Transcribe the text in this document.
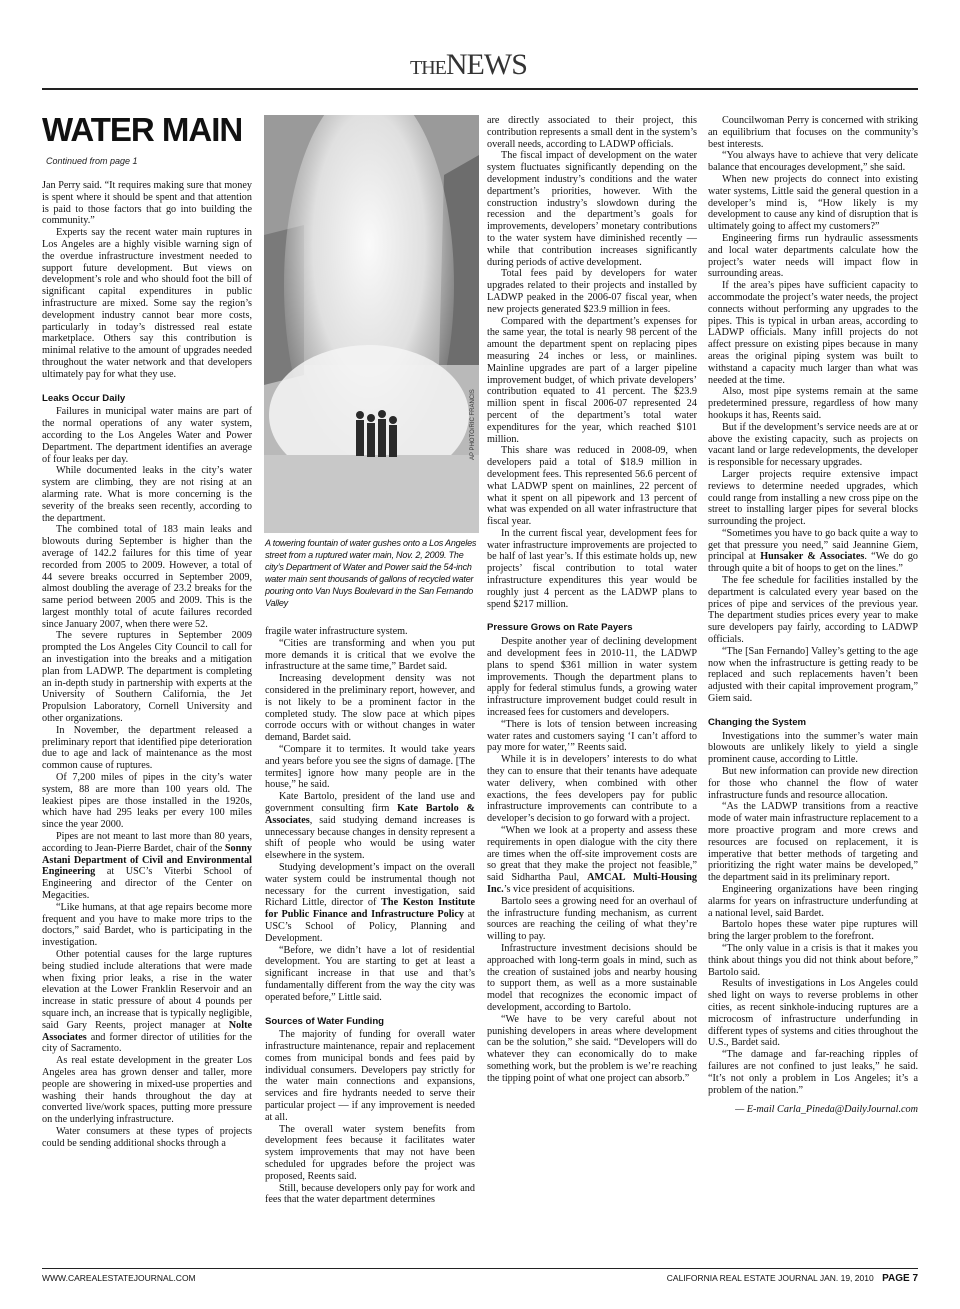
THENEWS
WATER MAIN
Continued from page 1

Jan Perry said. “It requires making sure that money is spent where it should be spent and that attention is paid to those factors that go into building the community.”

Experts say the recent water main ruptures in Los Angeles are a highly visible warning sign of the overdue infrastructure investment needed to support future development. But views on development’s role and who should foot the bill of significant capital expenditures in public infrastructure are mixed. Some say the region’s development industry cannot bear more costs, particularly in today’s distressed real estate marketplace. Others say this contribution is minimal relative to the amount of upgrades needed throughout the water network and that developers ultimately pay for what they use.

Leaks Occur Daily

Failures in municipal water mains are part of the normal operations of any water system, according to the Los Angeles Water and Power Department. The department identifies an average of four leaks per day.

While documented leaks in the city’s water system are climbing, they are not rising at an alarming rate. What is more concerning is the severity of the breaks seen recently, according to the department.

The combined total of 183 main leaks and blowouts during September is higher than the average of 142.2 failures for this time of year recorded from 2005 to 2009. However, a total of 44 severe breaks occurred in September 2009, almost doubling the average of 23.2 breaks for the same period between 2005 and 2009. This is the largest monthly total of acute failures recorded since January 2007, when there were 52.

The severe ruptures in September 2009 prompted the Los Angeles City Council to call for an investigation into the breaks and a mitigation plan from LADWP. The department is completing an in-depth study in partnership with experts at the University of Southern California, the Jet Propulsion Laboratory, Cornell University and other organizations.

In November, the department released a preliminary report that identified pipe deterioration due to age and lack of maintenance as the most common cause of ruptures.

Of 7,200 miles of pipes in the city’s water system, 88 are more than 100 years old. The leakiest pipes are those installed in the 1920s, which have had 295 leaks per every 100 miles since the year 2000.

Pipes are not meant to last more than 80 years, according to Jean-Pierre Bardet, chair of the Sonny Astani Department of Civil and Environmental Engineering at USC’s Viterbi School of Engineering and director of the Center on Megacities.

“Like humans, at that age repairs become more frequent and you have to make more trips to the doctors,” said Bardet, who is participating in the investigation.

Other potential causes for the large ruptures being studied include alterations that were made when fixing prior leaks, a rise in the water elevation at the Lower Franklin Reservoir and an increase in static pressure of about 4 pounds per square inch, an increase that is typically negligible, said Gary Reents, project manager at Nolte Associates and former director of utilities for the city of Sacramento.

As real estate development in the greater Los Angeles area has grown denser and taller, more people are showering in mixed-use properties and washing their hands throughout the day at converted live/work spaces, putting more pressure on the underlying infrastructure.

Water consumers at these types of projects could be sending additional shocks through a

AP PHOTO/RIC FRANCIS
A towering fountain of water gushes onto a Los Angeles street from a ruptured water main, Nov. 2, 2009. The city’s Department of Water and Power said the 54-inch water main sent thousands of gallons of recycled water pouring onto Van Nuys Boulevard in the San Fernando Valley

fragile water infrastructure system.

“Cities are transforming and when you put more demands it is critical that we evolve the infrastructure at the same time,” Bardet said.

Increasing development density was not considered in the preliminary report, however, and is not likely to be a prominent factor in the completed study. The slow pace at which pipes corrode occurs with or without changes in water demand, Bardet said.

“Compare it to termites. It would take years and years before you see the signs of damage. [The termites] ignore how many people are in the house,” he said.

Kate Bartolo, president of the land use and government consulting firm Kate Bartolo & Associates, said studying demand increases is unnecessary because changes in density represent a shift of people who would be using water elsewhere in the system.

Studying development’s impact on the overall water system could be instrumental though not necessary for the current investigation, said Richard Little, director of The Keston Institute for Public Finance and Infrastructure Policy at USC’s School of Policy, Planning and Development.

“Before, we didn’t have a lot of residential development. You are starting to get at least a significant increase in that use and that’s fundamentally different from the way the city was operated before,” Little said.

Sources of Water Funding

The majority of funding for overall water infrastructure maintenance, repair and replacement comes from municipal bonds and fees paid by individual consumers. Developers pay strictly for the water main connections and expansions, services and fire hydrants needed to serve their particular project — if any improvement is needed at all.

The overall water system benefits from development fees because it facilitates water system improvements that may not have been scheduled for upgrades before the project was proposed, Reents said.

Still, because developers only pay for work and fees that the water department determines

are directly associated to their project, this contribution represents a small dent in the system’s overall needs, according to LADWP officials.

The fiscal impact of development on the water system fluctuates significantly depending on the development industry’s conditions and the water department’s priorities, however. With the construction industry’s slowdown during the recession and the department’s goals for improvements, developers’ monetary contributions to the water system have diminished recently — while that contribution increases significantly during periods of active development.

Total fees paid by developers for water upgrades related to their projects and installed by LADWP peaked in the 2006-07 fiscal year, when new projects generated $23.9 million in fees.

Compared with the department’s expenses for the same year, the total is nearly 98 percent of the amount the department spent on replacing pipes measuring 24 inches or less, or mainlines. Mainline upgrades are part of a larger pipeline improvement budget, of which private developers’ contribution equated to 41 percent. The $23.9 million spent in fiscal 2006-07 represented 24 percent of the department’s total water expenditures for the year, which reached $101 million.

This share was reduced in 2008-09, when developers paid a total of $18.9 million in development fees. This represented 56.6 percent of what LADWP spent on mainlines, 22 percent of what it spent on all pipework and 13 percent of what was expended on all water infrastructure that fiscal year.

In the current fiscal year, development fees for water infrastructure improvements are projected to be half of last year’s. If this estimate holds up, new projects’ fiscal contribution to total water infrastructure expenditures this year would be roughly just 4 percent as the LADWP plans to spend $217 million.

Pressure Grows on Rate Payers

Despite another year of declining development and development fees in 2010-11, the LADWP plans to spend $361 million in water system improvements. Though the department plans to apply for federal stimulus funds, a growing water infrastructure improvement budget could result in increased fees for customers and developers.

“There is lots of tension between increasing water rates and customers saying ‘I can’t afford to pay more for water,’” Reents said.

While it is in developers’ interests to do what they can to ensure that their tenants have adequate water delivery, when combined with other exactions, the fees developers pay for public infrastructure improvements can contribute to a developer’s decision to go forward with a project.

“When we look at a property and assess these requirements in open dialogue with the city there are times when the off-site improvement costs are so great that they make the project not feasible,” said Sidhartha Paul, AMCAL Multi-Housing Inc.’s vice president of acquisitions.

Bartolo sees a growing need for an overhaul of the infrastructure funding mechanism, as current sources are reaching the ceiling of what they’re willing to pay.

Infrastructure investment decisions should be approached with long-term goals in mind, such as the creation of sustained jobs and nearby housing to support them, as well as a more sustainable model that recognizes the economic impact of development, according to Bartolo.

“We have to be very careful about not punishing developers in areas where development can be the solution,” she said. “Developers will do whatever they can economically do to make something work, but the problem is we’re reaching the tipping point of what one project can absorb.”

Councilwoman Perry is concerned with striking an equilibrium that focuses on the community’s best interests.

“You always have to achieve that very delicate balance that encourages development,” she said.

When new projects do connect into existing water systems, Little said the general question in a developer’s mind is, “How likely is my development to cause any kind of disruption that is ultimately going to affect my customers?”

Engineering firms run hydraulic assessments and local water departments calculate how the project’s water needs will impact flow in surrounding areas.

If the area’s pipes have sufficient capacity to accommodate the project’s water needs, the project connects without performing any upgrades to the pipes. This is typical in urban areas, according to LADWP officials. Many infill projects do not affect pressure on existing pipes because in many areas the original piping system was built to withstand a capacity much larger than what was needed at the time.

Also, most pipe systems remain at the same predetermined pressure, regardless of how many hookups it has, Reents said.

But if the development’s service needs are at or above the existing capacity, such as projects on vacant land or large redevelopments, the developer is responsible for necessary upgrades.

Larger projects require extensive impact reviews to determine needed upgrades, which could range from installing a new cross pipe on the street to installing larger pipes for several blocks surrounding the project.

“Sometimes you have to go back quite a way to get that pressure you need,” said Jeannine Giem, principal at Hunsaker & Associates. “We do go through quite a bit of hoops to get on the lines.”

The fee schedule for facilities installed by the department is calculated every year based on the prices of pipe and services of the previous year. The department studies prices every year to make sure developers pay fairly, according to LADWP officials.

“The [San Fernando] Valley’s getting to the age now when the infrastructure is getting ready to be replaced and such replacements haven’t been adjusted with their capital improvement program,” Giem said.

Changing the System

Investigations into the summer’s water main blowouts are unlikely likely to yield a single prominent cause, according to Little.

But new information can provide new direction for those who channel the flow of water infrastructure funds and resource allocation.

“As the LADWP transitions from a reactive mode of water main infrastructure replacement to a more proactive program and more crews and resources are focused on replacement, it is imperative that better methods of targeting and prioritizing the right water mains be developed,” the department said in its preliminary report.

Engineering organizations have been ringing alarms for years on infrastructure underfunding at a national level, said Bardet.

Bartolo hopes these water pipe ruptures will bring the larger problem to the forefront.

“The only value in a crisis is that it makes you think about things you did not think about before,” Bartolo said.

Results of investigations in Los Angeles could shed light on ways to reverse problems in other cities, as recent sinkhole-inducing ruptures are a microcosm of infrastructure underfunding in different types of systems and cities throughout the U.S., Bardet said.

“The damage and far-reaching ripples of failures are not confined to just leaks,” he said. “It’s not only a problem in Los Angeles; it’s a problem of the nation.”

— E-mail Carla_Pineda@DailyJournal.com

WWW.CAREALESTATEJOURNAL.COM	CALIFORNIA REAL ESTATE JOURNAL JAN. 19, 2010 PAGE 7
